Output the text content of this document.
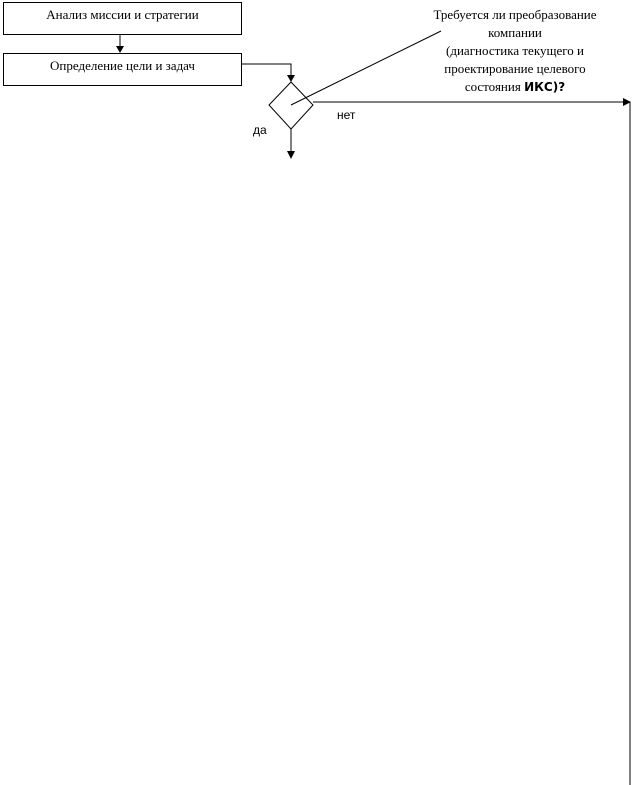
Анализ миссии и стратегии
Определение цели и задач
Требуется ли преобразование
компании
(диагностика текущего и
проектирование целевого
состояния ИКС)?
нет
да
